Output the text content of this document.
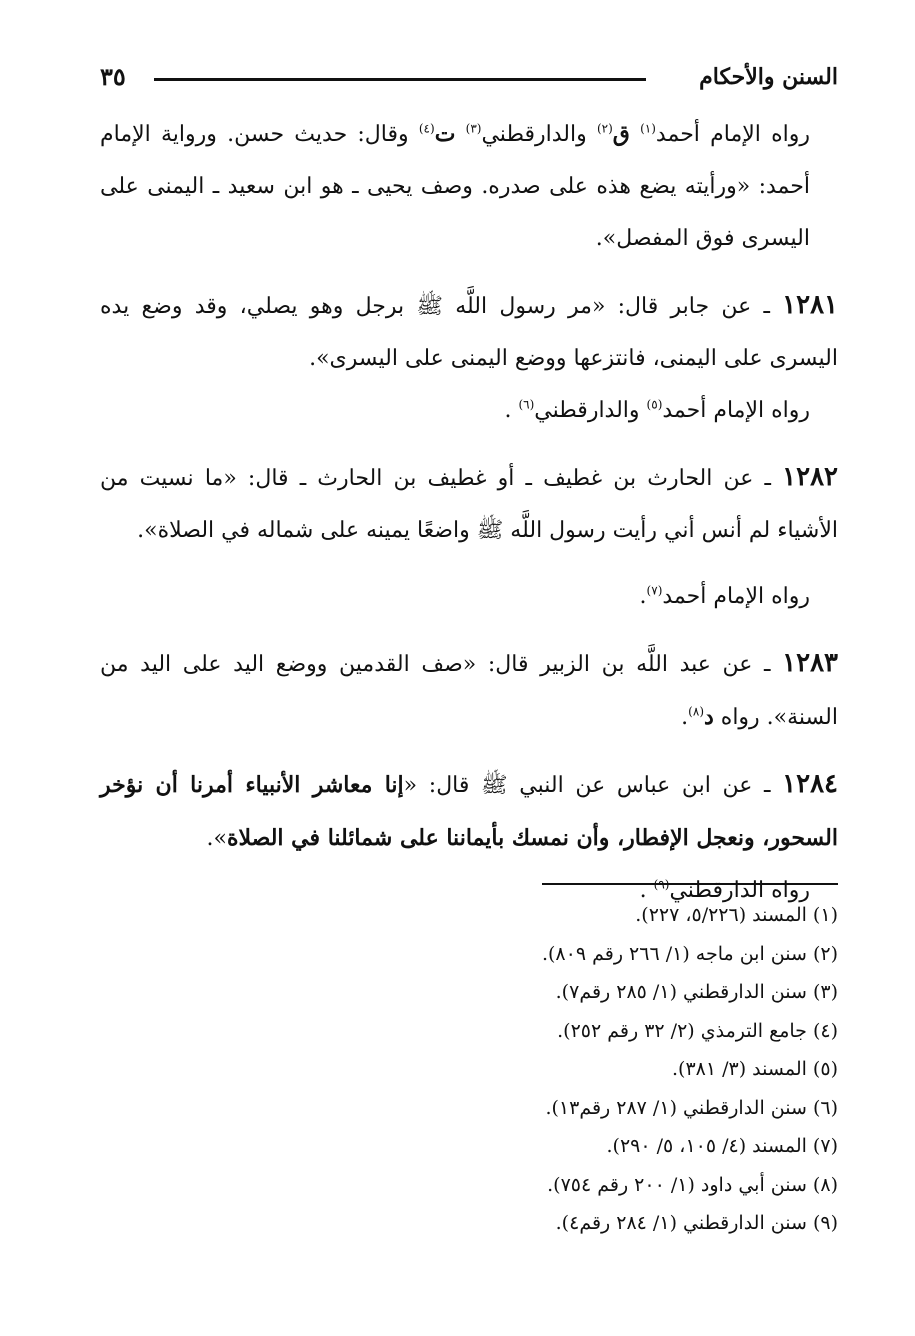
السنن والأحكام
٣٥

رواه الإمام أحمد$^{(١)}$ ق$^{(٢)}$ والدارقطني$^{(٣)}$ ت$^{(٤)}$ وقال: حديث حسن. ورواية الإمام أحمد: «ورأيته يضع هذه على صدره. وصف يحيى ـ هو ابن سعيد ـ اليمنى على اليسرى فوق المفصل».

١٢٨١ ـ عن جابر قال: «مر رسول اللَّه ﷺ برجل وهو يصلي، وقد وضع يده اليسرى على اليمنى، فانتزعها ووضع اليمنى على اليسرى».

رواه الإمام أحمد$^{(٥)}$ والدارقطني$^{(٦)}$ .

١٢٨٢ ـ عن الحارث بن غطيف ـ أو غطيف بن الحارث ـ قال: «ما نسيت من الأشياء لم أنس أني رأيت رسول اللَّه ﷺ واضعًا يمينه على شماله في الصلاة».

رواه الإمام أحمد$^{(٧)}$.

١٢٨٣ ـ عن عبد اللَّه بن الزبير قال: «صف القدمين ووضع اليد على اليد من السنة». رواه د$^{(٨)}$.

١٢٨٤ ـ عن ابن عباس عن النبي ﷺ قال: «إنا معاشر الأنبياء أمرنا أن نؤخر السحور، ونعجل الإفطار، وأن نمسك بأيماننا على شمائلنا في الصلاة».

رواه الدارقطني$^{(٩)}$ .

(١) المسند (٥/٢٢٦، ٢٢٧).
(٢) سنن ابن ماجه (١/ ٢٦٦ رقم ٨٠٩).
(٣) سنن الدارقطني (١/ ٢٨٥ رقم٧).
(٤) جامع الترمذي (٢/ ٣٢ رقم ٢٥٢).
(٥) المسند (٣/ ٣٨١).
(٦) سنن الدارقطني (١/ ٢٨٧ رقم١٣).
(٧) المسند (٤/ ١٠٥، ٥/ ٢٩٠).
(٨) سنن أبي داود (١/ ٢٠٠ رقم ٧٥٤).
(٩) سنن الدارقطني (١/ ٢٨٤ رقم٤).
